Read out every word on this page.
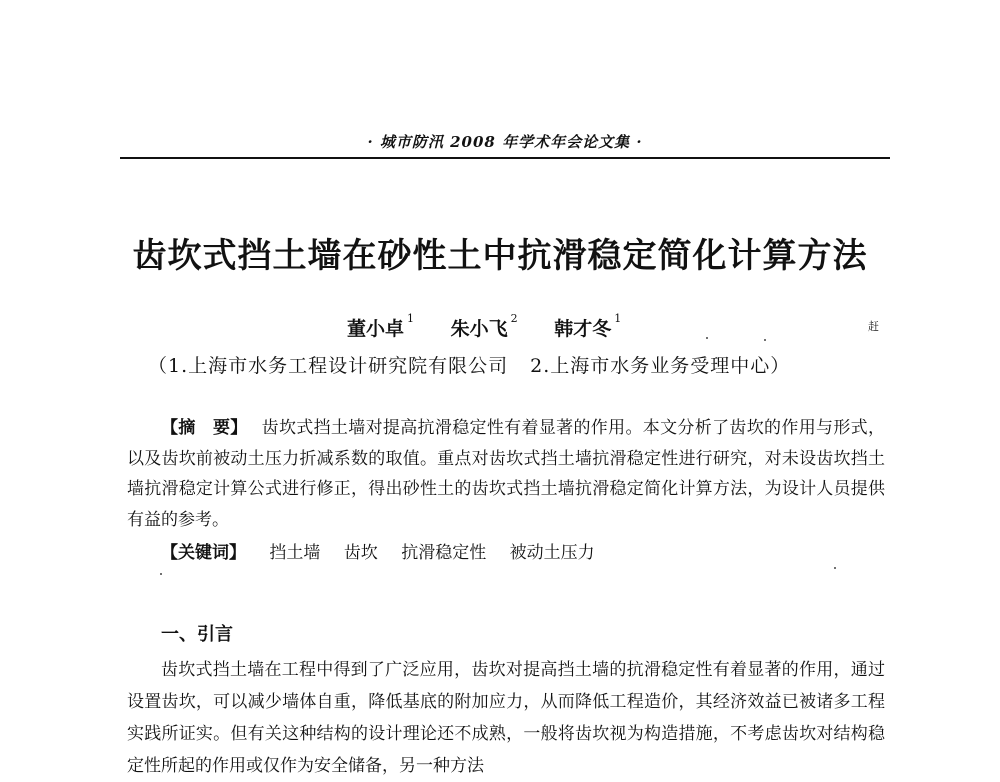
· 城市防汛 2008 年学术年会论文集 ·
齿坎式挡土墙在砂性土中抗滑稳定简化计算方法
董小卓 $^1$ 朱小飞 $^2$ 韩才冬 $^1$
赶
（1.上海市水务工程设计研究院有限公司 2.上海市水务业务受理中心）

【摘　要】 齿坎式挡土墙对提高抗滑稳定性有着显著的作用。本文分析了齿坎的作用与形式，以及齿坎前被动土压力折减系数的取值。重点对齿坎式挡土墙抗滑稳定性进行研究，对未设齿坎挡土墙抗滑稳定计算公式进行修正，得出砂性土的齿坎式挡土墙抗滑稳定简化计算方法，为设计人员提供有益的参考。

【关键词】 挡土墙 齿坎 抗滑稳定性 被动土压力
一、引言

齿坎式挡土墙在工程中得到了广泛应用，齿坎对提高挡土墙的抗滑稳定性有着显著的作用，通过设置齿坎，可以减少墙体自重，降低基底的附加应力，从而降低工程造价，其经济效益已被诸多工程实践所证实。但有关这种结构的设计理论还不成熟，一般将齿坎视为构造措施，不考虑齿坎对结构稳定性所起的作用或仅作为安全储备，另一种方法
